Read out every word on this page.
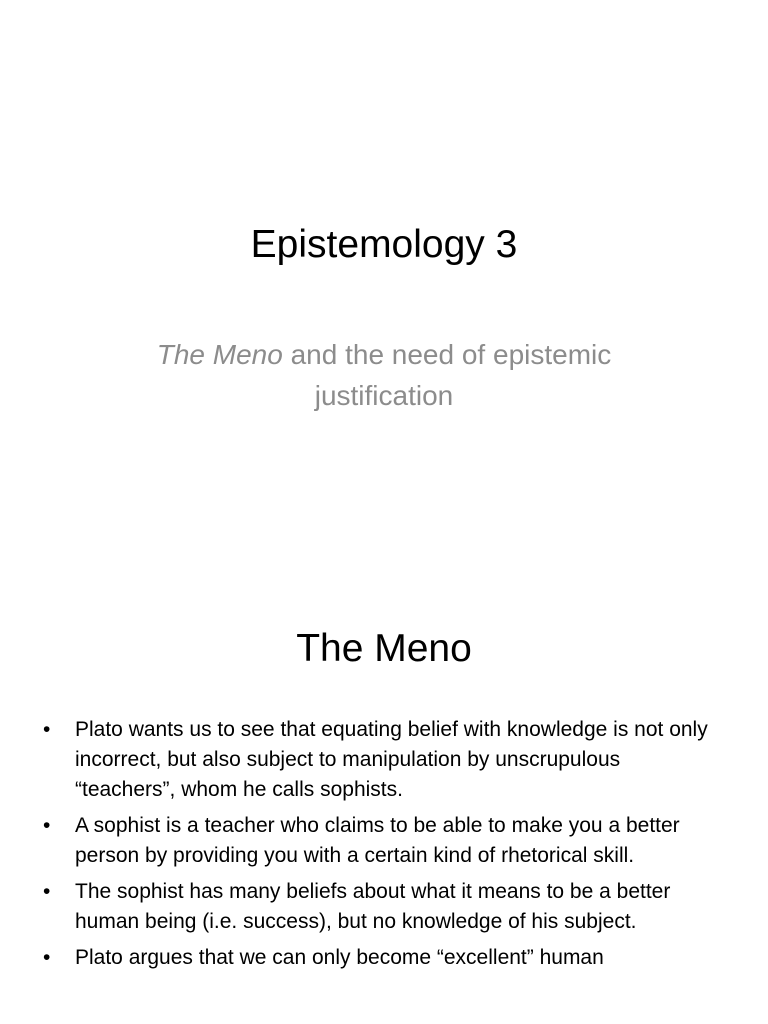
Epistemology 3
The Meno and the need of epistemic justification
The Meno
• Plato wants us to see that equating belief with knowledge is not only incorrect, but also subject to manipulation by unscrupulous “teachers”, whom he calls sophists.
• A sophist is a teacher who claims to be able to make you a better person by providing you with a certain kind of rhetorical skill.
• The sophist has many beliefs about what it means to be a better human being (i.e. success), but no knowledge of his subject.
• Plato argues that we can only become “excellent” human
